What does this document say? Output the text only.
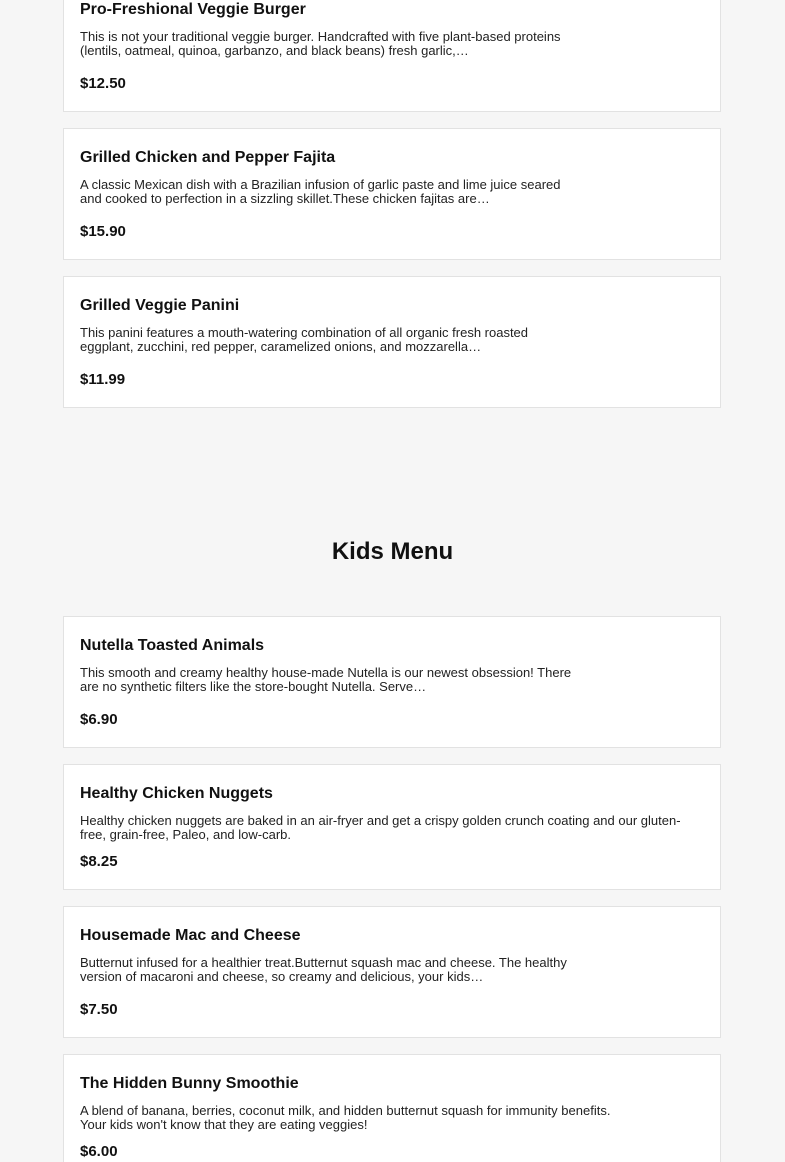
Pro-Freshional Veggie Burger
This is not your traditional veggie burger. Handcrafted with five plant-based proteins (lentils, oatmeal, quinoa, garbanzo, and black beans) fresh garlic,…
$12.50
Grilled Chicken and Pepper Fajita
A classic Mexican dish with a Brazilian infusion of garlic paste and lime juice seared and cooked to perfection in a sizzling skillet.These chicken fajitas are…
$15.90
Grilled Veggie Panini
This panini features a mouth-watering combination of all organic fresh roasted eggplant, zucchini, red pepper, caramelized onions, and mozzarella…
$11.99
Kids Menu
Nutella Toasted Animals
This smooth and creamy healthy house-made Nutella is our newest obsession! There are no synthetic filters like the store-bought Nutella. Serve…
$6.90
Healthy Chicken Nuggets
Healthy chicken nuggets are baked in an air-fryer and get a crispy golden crunch coating and our gluten-free, grain-free, Paleo, and low-carb.
$8.25
Housemade Mac and Cheese
Butternut infused for a healthier treat.Butternut squash mac and cheese. The healthy version of macaroni and cheese, so creamy and delicious, your kids…
$7.50
The Hidden Bunny Smoothie
A blend of banana, berries, coconut milk, and hidden butternut squash for immunity benefits. Your kids won't know that they are eating veggies!
$6.00
